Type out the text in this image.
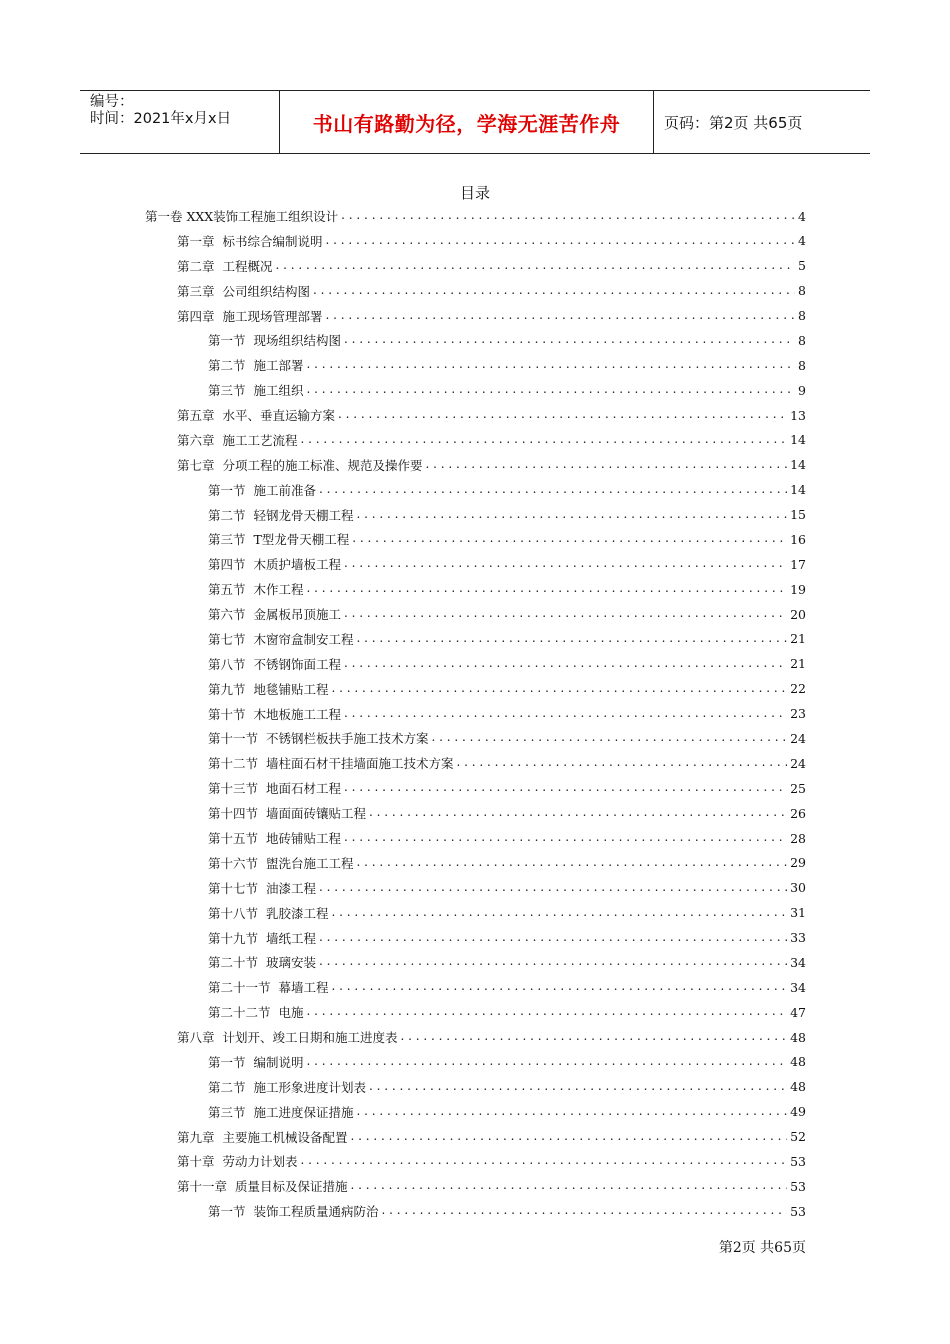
编号：
时间：2021年x月x日	书山有路勤为径，学海无涯苦作舟	页码：第2页 共65页
目录
第一卷 XXX装饰工程施工组织设计 . . .	4
第一章  标书综合编制说明 . . .	4
第二章  工程概况 . . .	5
第三章  公司组织结构图 . . .	8
第四章  施工现场管理部署 . . .	8
第一节  现场组织结构图 . . .	8
第二节  施工部署 . . .	8
第三节  施工组织 . . .	9
第五章  水平、垂直运输方案 . . .	13
第六章  施工工艺流程 . . .	14
第七章  分项工程的施工标准、规范及操作要 . . .	14
第一节  施工前准备 . . .	14
第二节  轻钢龙骨天棚工程 . . .	15
第三节  T型龙骨天棚工程 . . .	16
第四节  木质护墙板工程 . . .	17
第五节  木作工程 . . .	19
第六节  金属板吊顶施工 . . .	20
第七节  木窗帘盒制安工程 . . .	21
第八节  不锈钢饰面工程 . . .	21
第九节  地毯铺贴工程 . . .	22
第十节  木地板施工工程 . . .	23
第十一节  不锈钢栏板扶手施工技术方案 . . .	24
第十二节  墙柱面石材干挂墙面施工技术方案 . . .	24
第十三节  地面石材工程 . . .	25
第十四节  墙面面砖镶贴工程 . . .	26
第十五节  地砖铺贴工程 . . .	28
第十六节  盥洗台施工工程 . . .	29
第十七节  油漆工程 . . .	30
第十八节  乳胶漆工程 . . .	31
第十九节  墙纸工程 . . .	33
第二十节  玻璃安装 . . .	34
第二十一节  幕墙工程 . . .	34
第二十二节  电施 . . .	47
第八章  计划开、竣工日期和施工进度表 . . .	48
第一节  编制说明 . . .	48
第二节  施工形象进度计划表 . . .	48
第三节  施工进度保证措施 . . .	49
第九章  主要施工机械设备配置 . . .	52
第十章  劳动力计划表 . . .	53
第十一章  质量目标及保证措施 . . .	53
第一节  装饰工程质量通病防治 . . .	53
第2页 共65页
